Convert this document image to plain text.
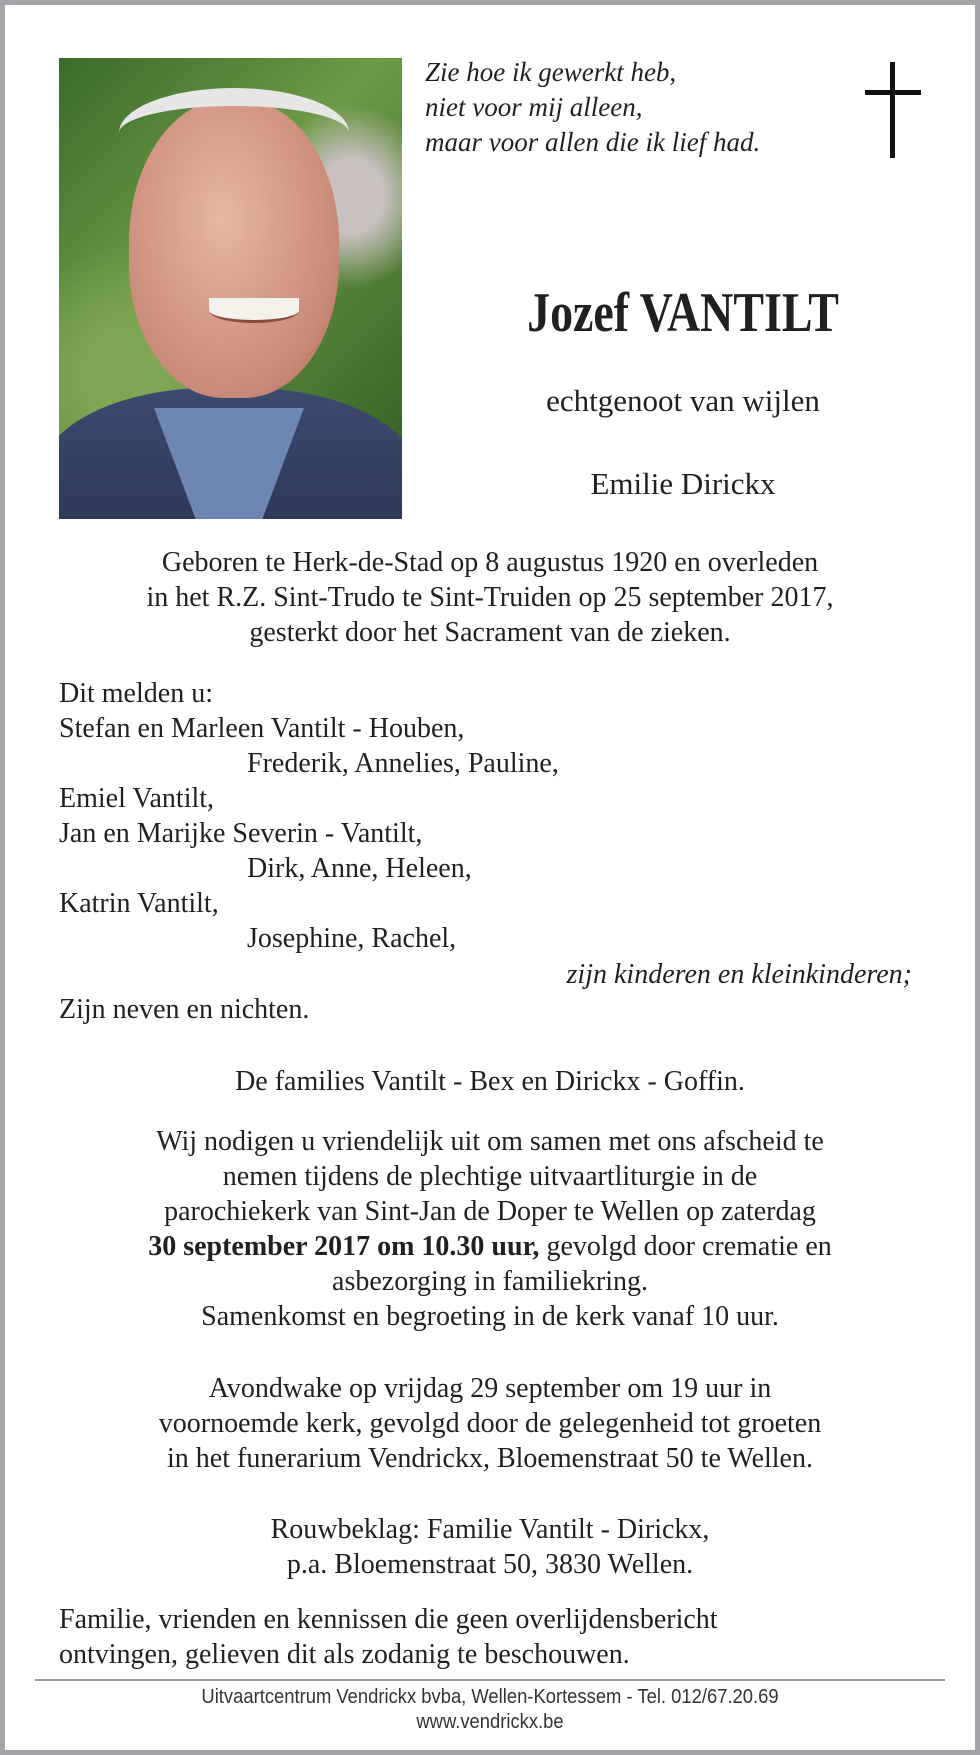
Zie hoe ik gewerkt heb,
niet voor mij alleen,
maar voor allen die ik lief had.
Jozef VANTILT
echtgenoot van wijlen
Emilie Dirickx
Geboren te Herk-de-Stad op 8 augustus 1920 en overleden
in het R.Z. Sint-Trudo te Sint-Truiden op 25 september 2017,
gesterkt door het Sacrament van de zieken.
Dit melden u:
Stefan en Marleen Vantilt - Houben,
Frederik, Annelies, Pauline,
Emiel Vantilt,
Jan en Marijke Severin - Vantilt,
Dirk, Anne, Heleen,
Katrin Vantilt,
Josephine, Rachel,
zijn kinderen en kleinkinderen;
Zijn neven en nichten.
De families Vantilt - Bex en Dirickx - Goffin.
Wij nodigen u vriendelijk uit om samen met ons afscheid te
nemen tijdens de plechtige uitvaartliturgie in de
parochiekerk van Sint-Jan de Doper te Wellen op zaterdag
30 september 2017 om 10.30 uur, gevolgd door crematie en
asbezorging in familiekring.
Samenkomst en begroeting in de kerk vanaf 10 uur.
Avondwake op vrijdag 29 september om 19 uur in
voornoemde kerk, gevolgd door de gelegenheid tot groeten
in het funerarium Vendrickx, Bloemenstraat 50 te Wellen.
Rouwbeklag: Familie Vantilt - Dirickx,
p.a. Bloemenstraat 50, 3830 Wellen.
Familie, vrienden en kennissen die geen overlijdensbericht
ontvingen, gelieven dit als zodanig te beschouwen.
Uitvaartcentrum Vendrickx bvba, Wellen-Kortessem - Tel. 012/67.20.69
www.vendrickx.be
